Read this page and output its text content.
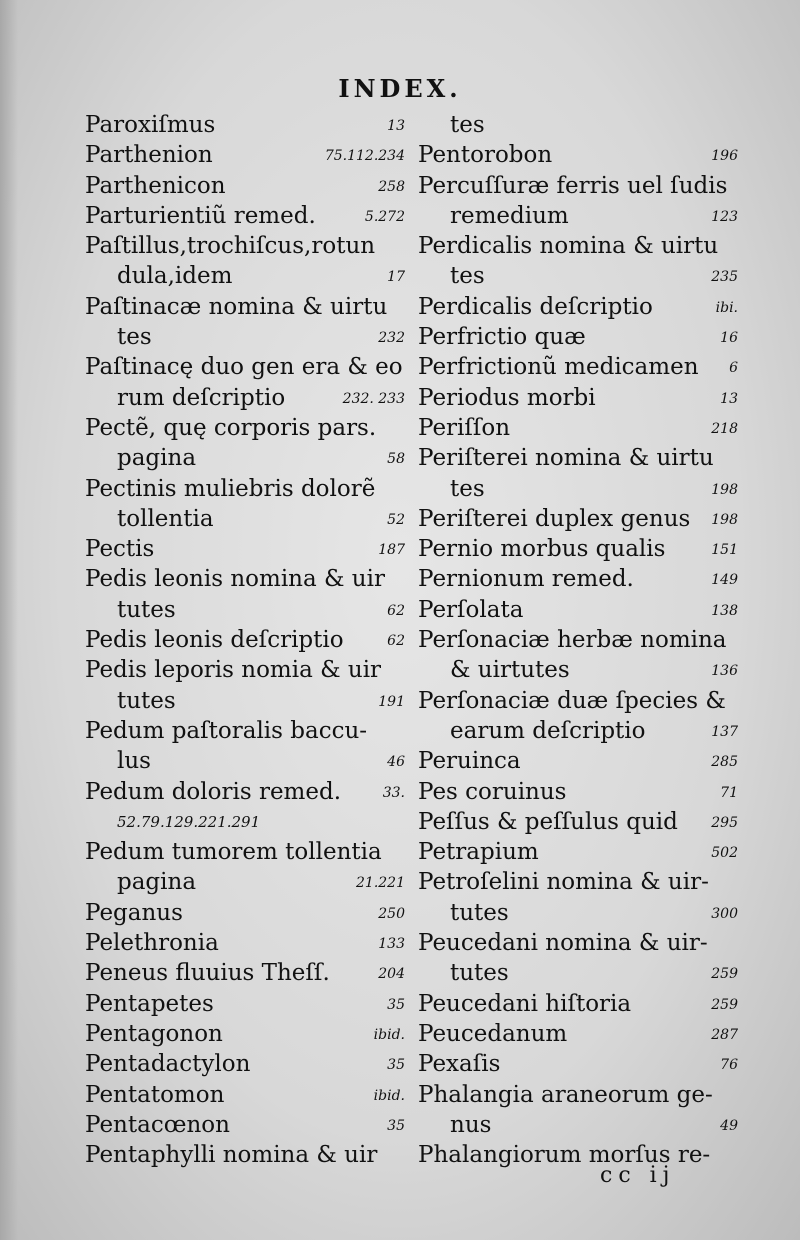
INDEX.
Paroxiſmus	13
Parthenion	75.112.234
Parthenicon	258
Parturientiũ remed.	5.272
Paſtillus,trochiſcus,rotun
dula,idem	17
Paſtinacæ nomina & uirtu
tes	232
Paſtinacę duo gen era & eo
rum deſcriptio	232. 233
Pectẽ, quę corporis pars.
pagina	58
Pectinis muliebris dolorẽ
tollentia	52
Pectis	187
Pedis leonis nomina & uir
tutes	62
Pedis leonis deſcriptio	62
Pedis leporis nomia & uir
tutes	191
Pedum paſtoralis baccu-
lus	46
Pedum doloris remed.	33.
52.79.129.221.291
Pedum tumorem tollentia
pagina	21.221
Peganus	250
Pelethronia	133
Peneus fluuius Theſſ.	204
Pentapetes	35
Pentagonon	ibid.
Pentadactylon	35
Pentatomon	ibid.
Pentacœnon	35
Pentaphylli nomina & uir
tes
Pentorobon	196
Percuſſuræ ferris uel ſudis
remedium	123
Perdicalis nomina & uirtu
tes	235
Perdicalis deſcriptio	ibi.
Perfrictio quæ	16
Perfrictionũ medicamen 6
Periodus morbi	13
Periſſon	218
Periſterei nomina & uirtu
tes	198
Periſterei duplex genus 198
Pernio morbus qualis	151
Pernionum remed.	149
Perſolata	138
Perſonaciæ herbæ nomina
& uirtutes	136
Perſonaciæ duæ ſpecies &
earum deſcriptio	137
Peruinca	285
Pes coruinus	71
Peſſus & peſſulus quid 295
Petrapium	502
Petroſelini nomina & uir-
tutes	300
Peucedani nomina & uir-
tutes	259
Peucedani hiſtoria	259
Peucedanum	287
Pexaſis	76
Phalangia araneorum ge-
nus	49
Phalangiorum morſus re-
cc ij
